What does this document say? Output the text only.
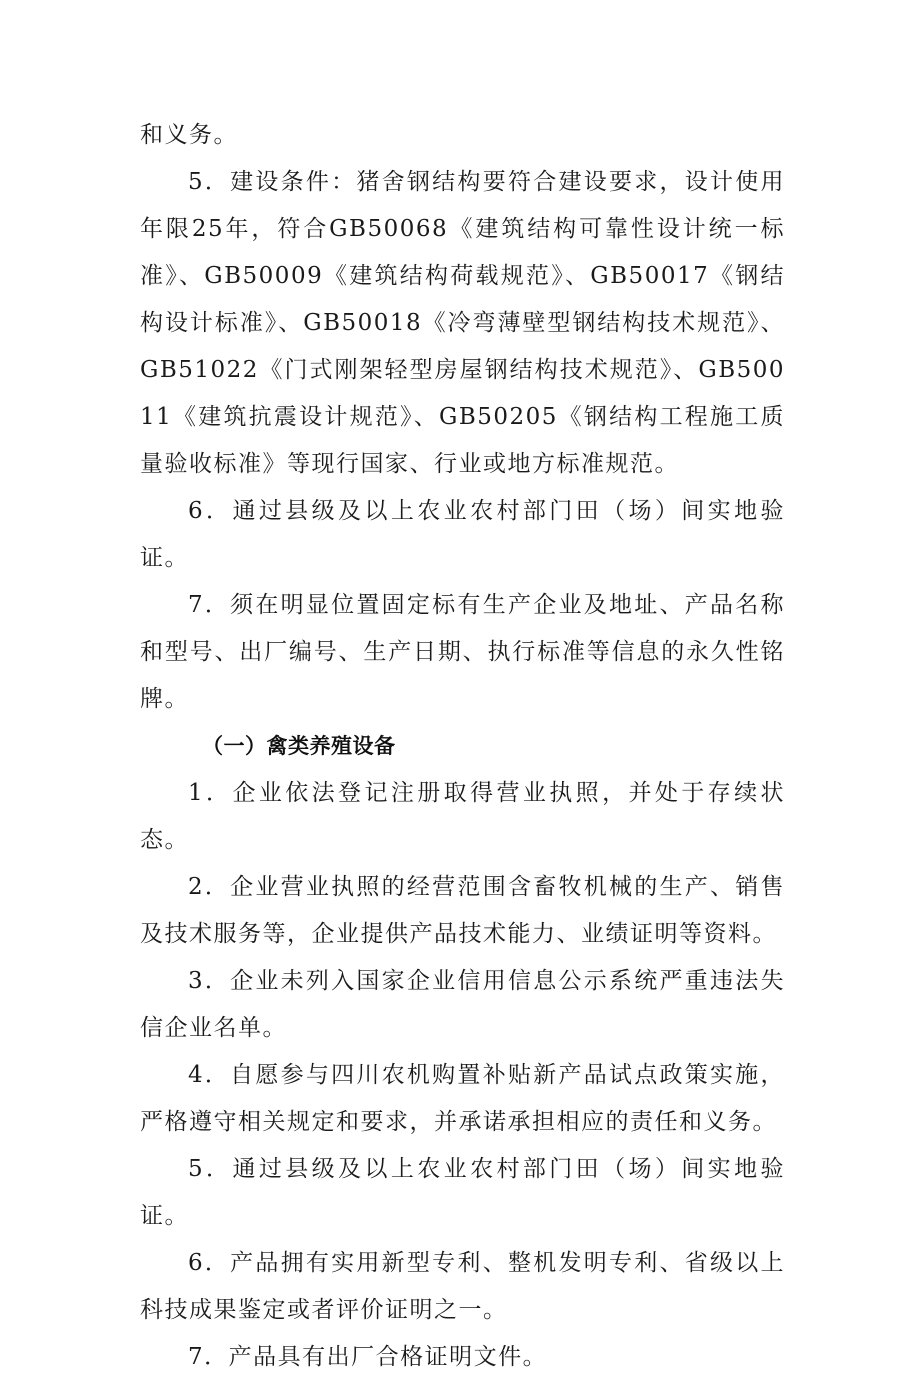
和义务。

5．建设条件：猪舍钢结构要符合建设要求，设计使用年限25年，符合GB50068《建筑结构可靠性设计统一标准》、GB50009《建筑结构荷载规范》、GB50017《钢结构设计标准》、GB50018《冷弯薄壁型钢结构技术规范》、GB51022《门式刚架轻型房屋钢结构技术规范》、GB50011《建筑抗震设计规范》、GB50205《钢结构工程施工质量验收标准》等现行国家、行业或地方标准规范。

6．通过县级及以上农业农村部门田（场）间实地验证。

7．须在明显位置固定标有生产企业及地址、产品名称和型号、出厂编号、生产日期、执行标准等信息的永久性铭牌。

（一）禽类养殖设备

1．企业依法登记注册取得营业执照，并处于存续状态。

2．企业营业执照的经营范围含畜牧机械的生产、销售及技术服务等，企业提供产品技术能力、业绩证明等资料。

3．企业未列入国家企业信用信息公示系统严重违法失信企业名单。

4．自愿参与四川农机购置补贴新产品试点政策实施，严格遵守相关规定和要求，并承诺承担相应的责任和义务。

5．通过县级及以上农业农村部门田（场）间实地验证。

6．产品拥有实用新型专利、整机发明专利、省级以上科技成果鉴定或者评价证明之一。

7．产品具有出厂合格证明文件。
